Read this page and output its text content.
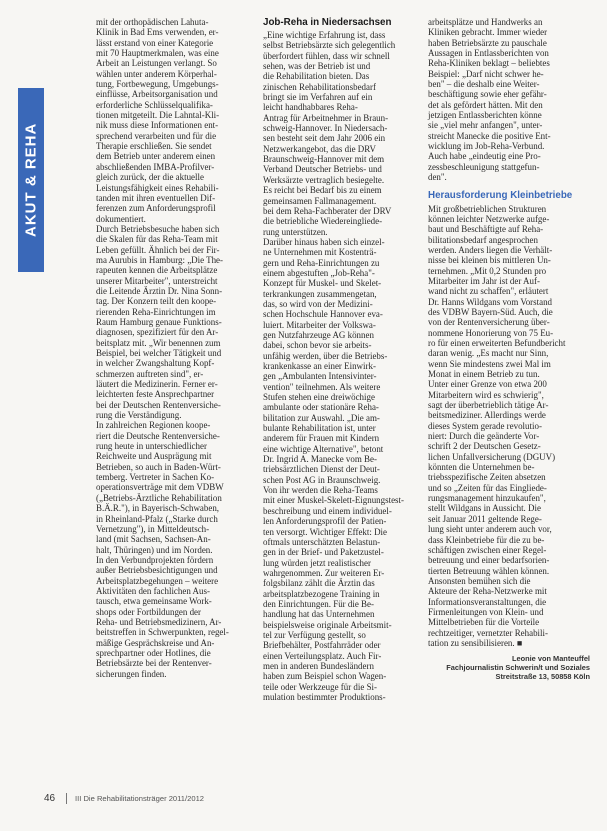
AKUT & REHA

mit der orthopädischen Lahuta-
Klinik in Bad Ems verwenden, er-
lässt erstand von einer Kategorie
mit 70 Hauptmerkmalen, was eine
Arbeit an Leistungen verlangt. So
wählen unter anderem Körperhal-
tung, Fortbewegung, Umgebungs-
einflüsse, Arbeitsorganisation und
erforderliche Schlüsselqualifika-
tionen mitgeteilt. Die Lahntal-Kli-
nik muss diese Informationen ent-
sprechend verarbeiten und für die
Therapie erschließen. Sie sendet
dem Betrieb unter anderem einen
abschließenden IMBA-Profilver-
gleich zurück, der die aktuelle
Leistungsfähigkeit eines Rehabili-
tanden mit ihren eventuellen Dif-
ferenzen zum Anforderungsprofil
dokumentiert.
Durch Betriebsbesuche haben sich
die Skalen für das Reha-Team mit
Leben gefüllt. Ähnlich bei der Fir-
ma Aurubis in Hamburg: „Die The-
rapeuten kennen die Arbeitsplätze
unserer Mitarbeiter", unterstreicht
die Leitende Ärztin Dr. Nina Sonn-
tag. Der Konzern teilt den koope-
rierenden Reha-Einrichtungen im
Raum Hamburg genaue Funktions-
diagnosen, spezifiziert für den Ar-
beitsplatz mit. „Wir benennen zum
Beispiel, bei welcher Tätigkeit und
in welcher Zwangshaltung Kopf-
schmerzen auftreten sind", er-
läutert die Medizinerin. Ferner er-
leichterten feste Ansprechpartner
bei der Deutschen Rentenversiche-
rung die Verständigung.
In zahlreichen Regionen koope-
riert die Deutsche Rentenversiche-
rung heute in unterschiedlicher
Reichweite und Ausprägung mit
Betrieben, so auch in Baden-Würt-
temberg. Vertreter in Sachen Ko-
operationsverträge mit dem VDBW
(„Betriebs-Ärztliche Rehabilitation
B.Ä.R."), in Bayerisch-Schwaben,
in Rheinland-Pfalz („Starke durch
Vernetzung"), in Mitteldeutsch-
land (mit Sachsen, Sachsen-An-
halt, Thüringen) und im Norden.
In den Verbundprojekten fördern
außer Betriebsbesichtigungen und
Arbeitsplatzbegehungen – weitere
Aktivitäten den fachlichen Aus-
tausch, etwa gemeinsame Work-
shops oder Fortbildungen der
Reha- und Betriebsmedizinern, Ar-
beitstreffen in Schwerpunkten, regel-
mäßige Gesprächskreise und An-
sprechpartner oder Hotlines, die
Betriebsärzte bei der Rentenver-
sicherungen finden.

Job-Reha in Niedersachsen

„Eine wichtige Erfahrung ist, dass
selbst Betriebsärzte sich gelegentlich
überfordert fühlen, dass wir schnell
sehen, was der Betrieb ist und
die Rehabilitation bieten. Das
zinischen Rehabilitationsbedarf
bringt sie im Verfahren auf ein
leicht handhabbares Reha-
Antrag für Arbeitnehmer in Braun-
schweig-Hannover. In Niedersach-
sen besteht seit dem Jahr 2006 ein
Netzwerkangebot, das die DRV
Braunschweig-Hannover mit dem
Verband Deutscher Betriebs- und
Werksärzte vertraglich besiegelte.
Es reicht bei Bedarf bis zu einem
gemeinsamen Fallmanagement.
bei dem Reha-Fachberater der DRV
die betriebliche Wiedereingliede-
rung unterstützen.
Darüber hinaus haben sich einzel-
ne Unternehmen mit Kostenträ-
gern und Reha-Einrichtungen zu
einem abgestuften „Job-Reha"-
Konzept für Muskel- und Skelet-
terkrankungen zusammengetan,
das, so wird von der Medizini-
schen Hochschule Hannover eva-
luiert. Mitarbeiter der Volkswa-
gen Nutzfahrzeuge AG können
dabei, schon bevor sie arbeits-
unfähig werden, über die Betriebs-
krankenkasse an einer Einwirk-
gen „Ambulanten Intensivinter-
vention" teilnehmen. Als weitere
Stufen stehen eine dreiwöchige
ambulante oder stationäre Reha-
bilitation zur Auswahl. „Die am-
bulante Rehabilitation ist, unter
anderem für Frauen mit Kindern
eine wichtige Alternative", betont
Dr. Ingrid A. Manecke vom Be-
triebsärztlichen Dienst der Deut-
schen Post AG in Braunschweig.
Von ihr werden die Reha-Teams
mit einer Muskel-Skelett-Eignungstest-
beschreibung und einem individuel-
len Anforderungsprofil der Patien-
ten versorgt. Wichtiger Effekt: Die
oftmals unterschätzten Belastun-
gen in der Brief- und Paketzustel-
lung würden jetzt realistischer
wahrgenommen. Zur weiteren Er-
folgsbilanz zählt die Ärztin das
arbeitsplatzbezogene Training in
den Einrichtungen. Für die Be-
handlung hat das Unternehmen
beispielsweise originale Arbeitsmit-
tel zur Verfügung gestellt, so
Briefbehälter, Postfahrräder oder
einen Verteilungsplatz. Auch Fir-
men in anderen Bundesländern
haben zum Beispiel schon Wagen-
teile oder Werkzeuge für die Si-
mulation bestimmter Produktions-

arbeitsplätze und Handwerks an
Kliniken gebracht. Immer wieder
haben Betriebsärzte zu pauschale
Aussagen in Entlassberichten von
Reha-Kliniken beklagt – beliebtes
Beispiel: „Darf nicht schwer he-
ben" – die deshalb eine Weiter-
beschäftigung sowie eher gefähr-
det als gefördert hätten. Mit den
jetzigen Entlassberichten könne
sie „viel mehr anfangen", unter-
streicht Manecke die positive Ent-
wicklung im Job-Reha-Verbund.
Auch habe „eindeutig eine Pro-
zessbeschleunigung stattgefun-
den".

Herausforderung Kleinbetriebe

Mit großbetrieblichen Strukturen
können leichter Netzwerke aufge-
baut und Beschäftigte auf Reha-
bilitationsbedarf angesprochen
werden. Anders liegen die Verhält-
nisse bei kleinen bis mittleren Un-
ternehmen. „Mit 0,2 Stunden pro
Mitarbeiter im Jahr ist der Auf-
wand nicht zu schaffen", erläutert
Dr. Hanns Wildgans vom Vorstand
des VDBW Bayern-Süd. Auch, die
von der Rentenversicherung über-
nommene Honorierung von 75 Eu-
ro für einen erweiterten Befundbericht
daran wenig. „Es macht nur Sinn,
wenn Sie mindestens zwei Mal im
Monat in einem Betrieb zu tun.
Unter einer Grenze von etwa 200
Mitarbeitern wird es schwierig",
sagt der überbetrieblich tätige Ar-
beitsmediziner. Allerdings werde
dieses System gerade revolutio-
niert: Durch die geänderte Vor-
schrift 2 der Deutschen Gesetz-
lichen Unfallversicherung (DGUV)
könnten die Unternehmen be-
triebsspezifische Zeiten absetzen
und so „Zeiten für das Eingliede-
rungsmanagement hinzukaufen",
stellt Wildgans in Aussicht. Die
seit Januar 2011 geltende Rege-
lung sieht unter anderem auch vor,
dass Kleinbetriebe für die zu be-
schäftigen zwischen einer Regel-
betreuung und einer bedarfsorien-
tierten Betreuung wählen können.
Ansonsten bemühen sich die
Akteure der Reha-Netzwerke mit
Informationsveranstaltungen, die
Firmenleitungen von Klein- und
Mittelbetrieben für die Vorteile
rechtzeitiger, vernetzter Rehabili-
tation zu sensibilisieren. ■

Leonie von Manteuffel
Fachjournalistin Schwerin/t und Soziales
Streitstraße 13, 50858 Köln
46	III Die Rehabilitationsträger 2011/2012
